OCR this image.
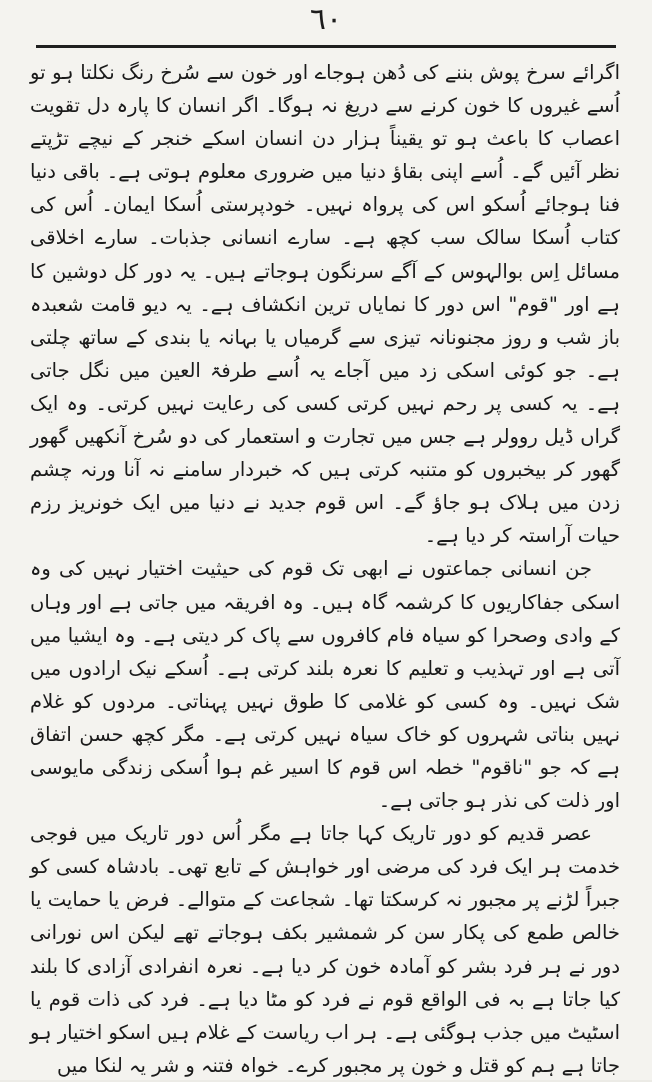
٦٠

اگرائے سرخ پوش بننے کی دُھن ہوجاے اور خون سے سُرخ رنگ نکلتا ہو تو اُسے غیروں کا خون کرنے سے دریغ نہ ہوگا۔ اگر انسان کا پارہ دل تقویت اعصاب کا باعث ہو تو یقیناً ہزار دن انسان اسکے خنجر کے نیچے تڑپتے نظر آئیں گے۔ اُسے اپنی بقاؤ دنیا میں ضروری معلوم ہوتی ہے۔ باقی دنیا فنا ہوجائے اُسکو اس کی پرواہ نہیں۔ خودپرستی اُسکا ایمان۔ اُس کی کتاب اُسکا سالک سب کچھ ہے۔ سارے انسانی جذبات۔ سارے اخلاقی مسائل اِس بوالہوس کے آگے سرنگون ہوجاتے ہیں۔ یہ دور کل دوشین کا ہے اور "قوم" اس دور کا نمایاں ترین انکشاف ہے۔ یہ دیو قامت شعبدہ باز شب و روز مجنونانہ تیزی سے گرمیاں یا بہانہ یا بندی کے ساتھ چلتی ہے۔ جو کوئی اسکی زد میں آجاے یہ اُسے طرفۃ العین میں نگل جاتی ہے۔ یہ کسی پر رحم نہیں کرتی کسی کی رعایت نہیں کرتی۔ وہ ایک گراں ڈیل روولر ہے جس میں تجارت و استعمار کی دو سُرخ آنکھیں گھور گھور کر بیخبروں کو متنبہ کرتی ہیں کہ خبردار سامنے نہ آنا ورنہ چشم زدن میں ہلاک ہو جاؤ گے۔ اس قوم جدید نے دنیا میں ایک خونریز رزم حیات آراستہ کر دیا ہے۔

جن انسانی جماعتوں نے ابھی تک قوم کی حیثیت اختیار نہیں کی وہ اسکی جفاکاریوں کا کرشمہ گاہ ہیں۔ وہ افریقہ میں جاتی ہے اور وہاں کے وادی وصحرا کو سیاہ فام کافروں سے پاک کر دیتی ہے۔ وہ ایشیا میں آتی ہے اور تہذیب و تعلیم کا نعرہ بلند کرتی ہے۔ اُسکے نیک ارادوں میں شک نہیں۔ وہ کسی کو غلامی کا طوق نہیں پہناتی۔ مردوں کو غلام نہیں بناتی شہروں کو خاک سیاہ نہیں کرتی ہے۔ مگر کچھ حسن اتفاق ہے کہ جو "ناقوم" خطہ اس قوم کا اسیر غم ہوا اُسکی زندگی مایوسی اور ذلت کی نذر ہو جاتی ہے۔

عصر قدیم کو دور تاریک کہا جاتا ہے مگر اُس دور تاریک میں فوجی خدمت ہر ایک فرد کی مرضی اور خواہش کے تابع تھی۔ بادشاہ کسی کو جبراً لڑنے پر مجبور نہ کرسکتا تھا۔ شجاعت کے متوالے۔ فرض یا حمایت یا خالص طمع کی پکار سن کر شمشیر بکف ہوجاتے تھے لیکن اس نورانی دور نے ہر فرد بشر کو آمادہ خون کر دیا ہے۔ نعرہ انفرادی آزادی کا بلند کیا جاتا ہے بہ فی الواقع قوم نے فرد کو مٹا دیا ہے۔ فرد کی ذات قوم یا اسٹیٹ میں جذب ہوگئی ہے۔ ہر اب ریاست کے غلام ہیں اسکو اختیار ہو جاتا ہے ہم کو قتل و خون پر مجبور کرے۔ خواہ فتنہ و شر یہ لنکا میں
